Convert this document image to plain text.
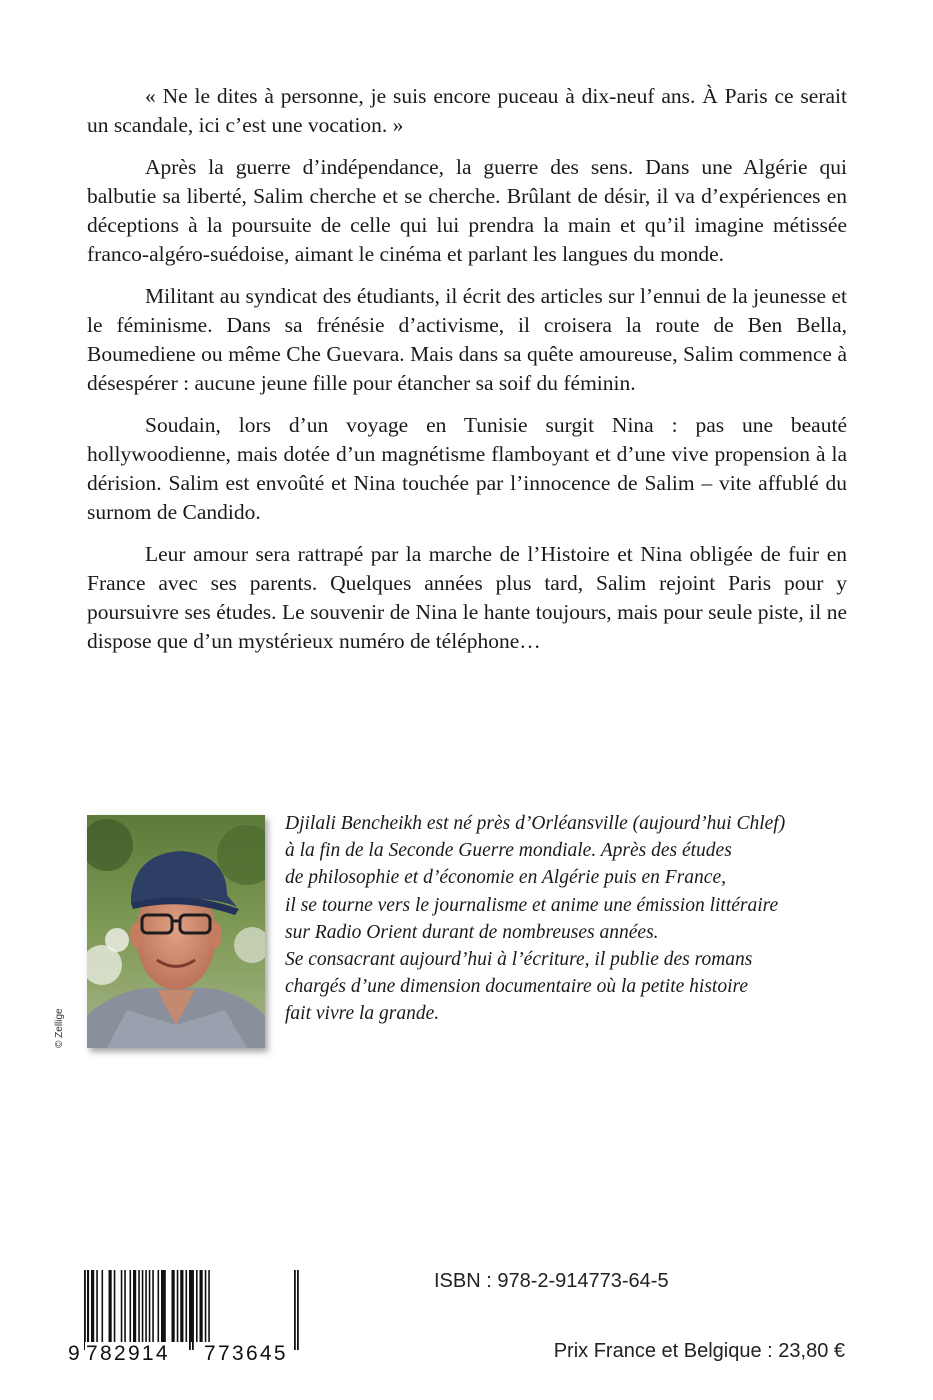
« Ne le dites à personne, je suis encore puceau à dix-neuf ans. À Paris ce serait un scandale, ici c’est une vocation. »

Après la guerre d’indépendance, la guerre des sens. Dans une Algérie qui balbutie sa liberté, Salim cherche et se cherche. Brûlant de désir, il va d’expériences en déceptions à la poursuite de celle qui lui prendra la main et qu’il imagine métissée franco-algéro-suédoise, aimant le cinéma et parlant les langues du monde.

Militant au syndicat des étudiants, il écrit des articles sur l’ennui de la jeunesse et le féminisme. Dans sa frénésie d’activisme, il croisera la route de Ben Bella, Boumediene ou même Che Guevara. Mais dans sa quête amoureuse, Salim commence à désespérer : aucune jeune fille pour étancher sa soif du féminin.

Soudain, lors d’un voyage en Tunisie surgit Nina : pas une beauté hollywoodienne, mais dotée d’un magnétisme flamboyant et d’une vive propension à la dérision. Salim est envoûté et Nina touchée par l’innocence de Salim – vite affublé du surnom de Candido.

Leur amour sera rattrapé par la marche de l’Histoire et Nina obligée de fuir en France avec ses parents. Quelques années plus tard, Salim rejoint Paris pour y poursuivre ses études. Le souvenir de Nina le hante toujours, mais pour seule piste, il ne dispose que d’un mystérieux numéro de téléphone…

© Zellige
Djilali Bencheikh est né près d’Orléansville (aujourd’hui Chlef)
à la fin de la Seconde Guerre mondiale. Après des études
de philosophie et d’économie en Algérie puis en France,
il se tourne vers le journalisme et anime une émission littéraire
sur Radio Orient durant de nombreuses années.
Se consacrant aujourd’hui à l’écriture, il publie des romans
chargés d’une dimension documentaire où la petite histoire
fait vivre la grande.
9 782914 773645
ISBN : 978-2-914773-64-5
Prix France et Belgique : 23,80 €
